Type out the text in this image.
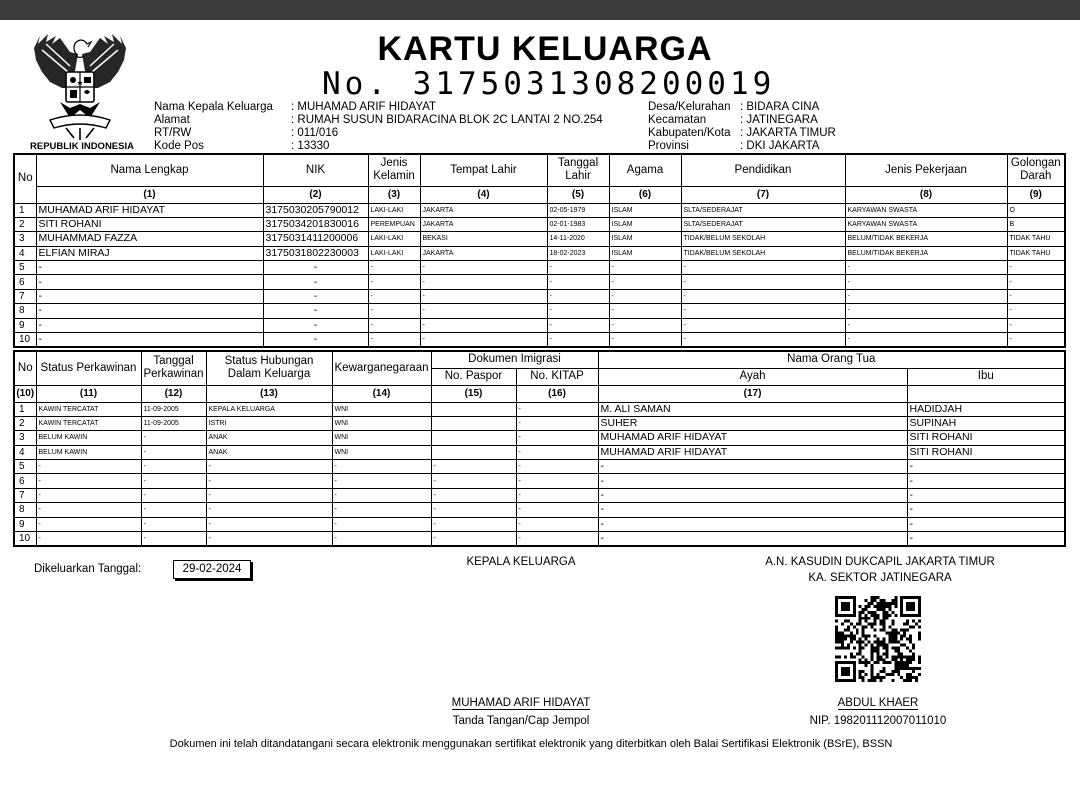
REPUBLIK INDONESIA
KARTU KELUARGA
No. 3175031308200019
Nama Kepala Keluarga	: MUHAMAD ARIF HIDAYAT
Alamat	: RUMAH SUSUN BIDARACINA BLOK 2C LANTAI 2 NO.254
RT/RW	: 011/016
Kode Pos	: 13330
Desa/Kelurahan : BIDARA CINA
Kecamatan	: JATINEGARA
Kabupaten/Kota : JAKARTA TIMUR
Provinsi	: DKI JAKARTA
No	Nama Lengkap	NIK	Jenis Kelamin	Tempat Lahir	Tanggal Lahir	Agama	Pendidikan	Jenis Pekerjaan	Golongan Darah
	(1)	(2)	(3)	(4)	(5)	(6)	(7)	(8)	(9)
1	MUHAMAD ARIF HIDAYAT	3175030205790012	LAKI-LAKI	JAKARTA	02-05-1979	ISLAM	SLTA/SEDERAJAT	KARYAWAN SWASTA	O
2	SITI ROHANI	3175034201830016	PEREMPUAN	JAKARTA	02-01-1983	ISLAM	SLTA/SEDERAJAT	KARYAWAN SWASTA	B
3	MUHAMMAD FAZZA	3175031411200006	LAKI-LAKI	BEKASI	14-11-2020	ISLAM	TIDAK/BELUM SEKOLAH	BELUM/TIDAK BEKERJA	TIDAK TAHU
4	ELFIAN MIRAJ	3175031802230003	LAKI-LAKI	JAKARTA	18-02-2023	ISLAM	TIDAK/BELUM SEKOLAH	BELUM/TIDAK BEKERJA	TIDAK TAHU
5	-	-	-	-	-	-	-	-	-
6	-	-	-	-	-	-	-	-	-
7	-	-	-	-	-	-	-	-	-
8	-	-	-	-	-	-	-	-	-
9	-	-	-	-	-	-	-	-	-
10	-	-	-	-	-	-	-	-	-
No	Status Perkawinan	Tanggal Perkawinan	Status Hubungan Dalam Keluarga	Kewarganegaraan	Dokumen Imigrasi		Nama Orang Tua	
					No. Paspor	No. KITAP	Ayah	Ibu
(10)	(11)	(12)	(13)	(14)	(15)	(16)	(17)	
1	KAWIN TERCATAT	11-09-2005	KEPALA KELUARGA	WNI		-	M. ALI SAMAN	HADIDJAH
2	KAWIN TERCATAT	11-09-2005	ISTRI	WNI		-	SUHER	SUPINAH
3	BELUM KAWIN	-	ANAK	WNI		-	MUHAMAD ARIF HIDAYAT	SITI ROHANI
4	BELUM KAWIN	-	ANAK	WNI		-	MUHAMAD ARIF HIDAYAT	SITI ROHANI
5	-	-	-	-	-	-	-	-
6	-	-	-	-	-	-	-	-
7	-	-	-	-	-	-	-	-
8	-	-	-	-	-	-	-	-
9	-	-	-	-	-	-	-	-
10	-	-	-	-	-	-	-	-
Dikeluarkan Tanggal:	29-02-2024
KEPALA KELUARGA
MUHAMAD ARIF HIDAYAT
Tanda Tangan/Cap Jempol
A.N. KASUDIN DUKCAPIL JAKARTA TIMUR
KA. SEKTOR JATINEGARA
ABDUL KHAER
NIP. 198201112007011010
Dokumen ini telah ditandatangani secara elektronik menggunakan sertifikat elektronik yang diterbitkan oleh Balai Sertifikasi Elektronik (BSrE), BSSN
